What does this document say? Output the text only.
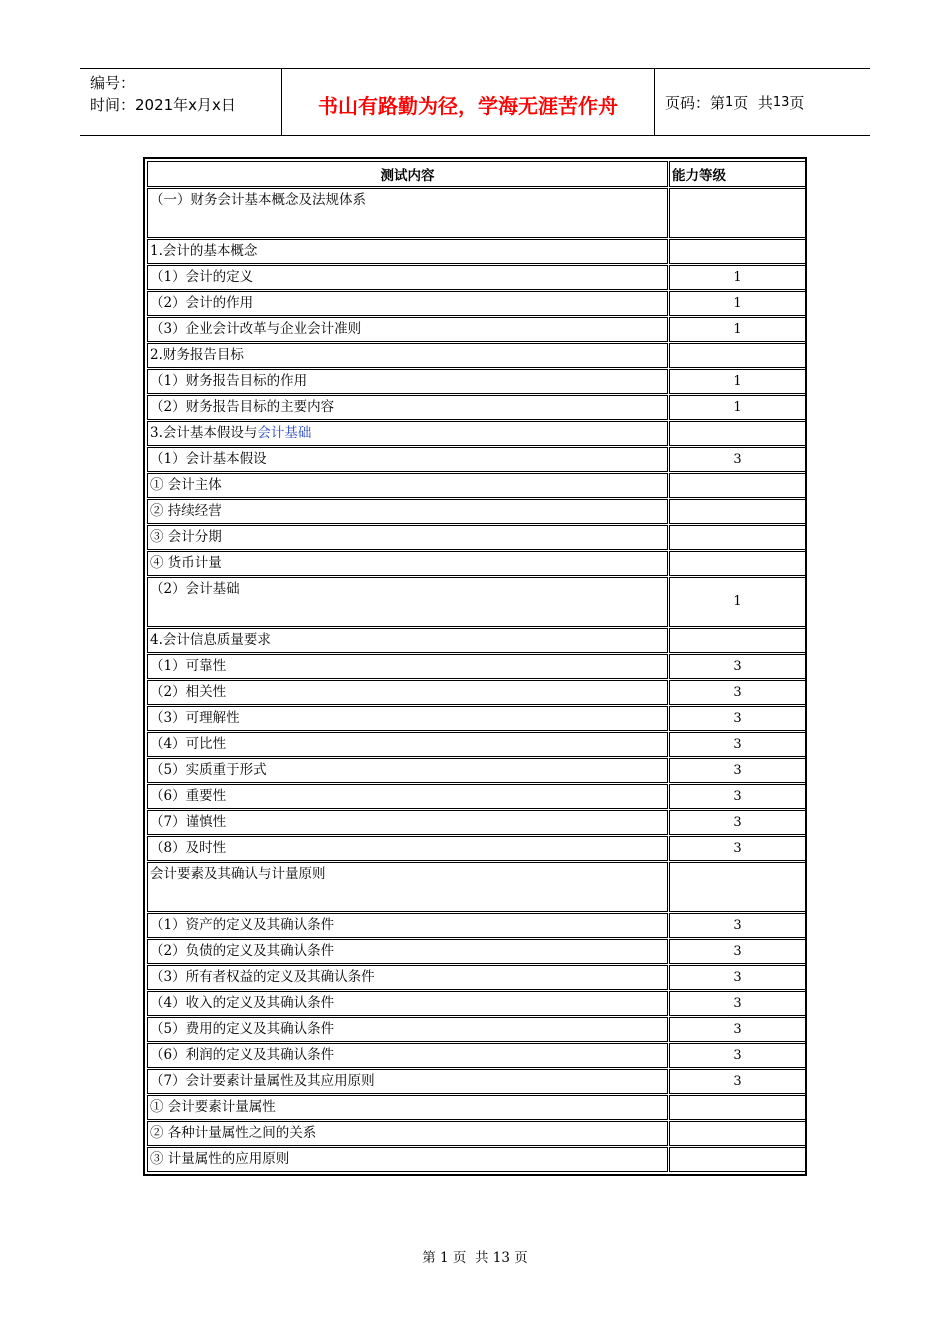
编号：
时间：2021年x月x日	书山有路勤为径，学海无涯苦作舟	页码：第 1 页  共 13 页
测试内容	能力等级
（一）财务会计基本概念及法规体系	
1.会计的基本概念	
（1）会计的定义	1
（2）会计的作用	1
（3）企业会计改革与企业会计准则	1
2.财务报告目标	
（1）财务报告目标的作用	1
（2）财务报告目标的主要内容	1
3.会计基本假设与会计基础	
（1）会计基本假设	3
① 会计主体	
② 持续经营	
③ 会计分期	
④ 货币计量	
（2）会计基础	1
4.会计信息质量要求	
（1）可靠性	3
（2）相关性	3
（3）可理解性	3
（4）可比性	3
（5）实质重于形式	3
（6）重要性	3
（7）谨慎性	3
（8）及时性	3
会计要素及其确认与计量原则	
（1）资产的定义及其确认条件	3
（2）负债的定义及其确认条件	3
（3）所有者权益的定义及其确认条件	3
（4）收入的定义及其确认条件	3
（5）费用的定义及其确认条件	3
（6）利润的定义及其确认条件	3
（7）会计要素计量属性及其应用原则	3
① 会计要素计量属性	
② 各种计量属性之间的关系	
③ 计量属性的应用原则	
第 1 页  共 13 页
